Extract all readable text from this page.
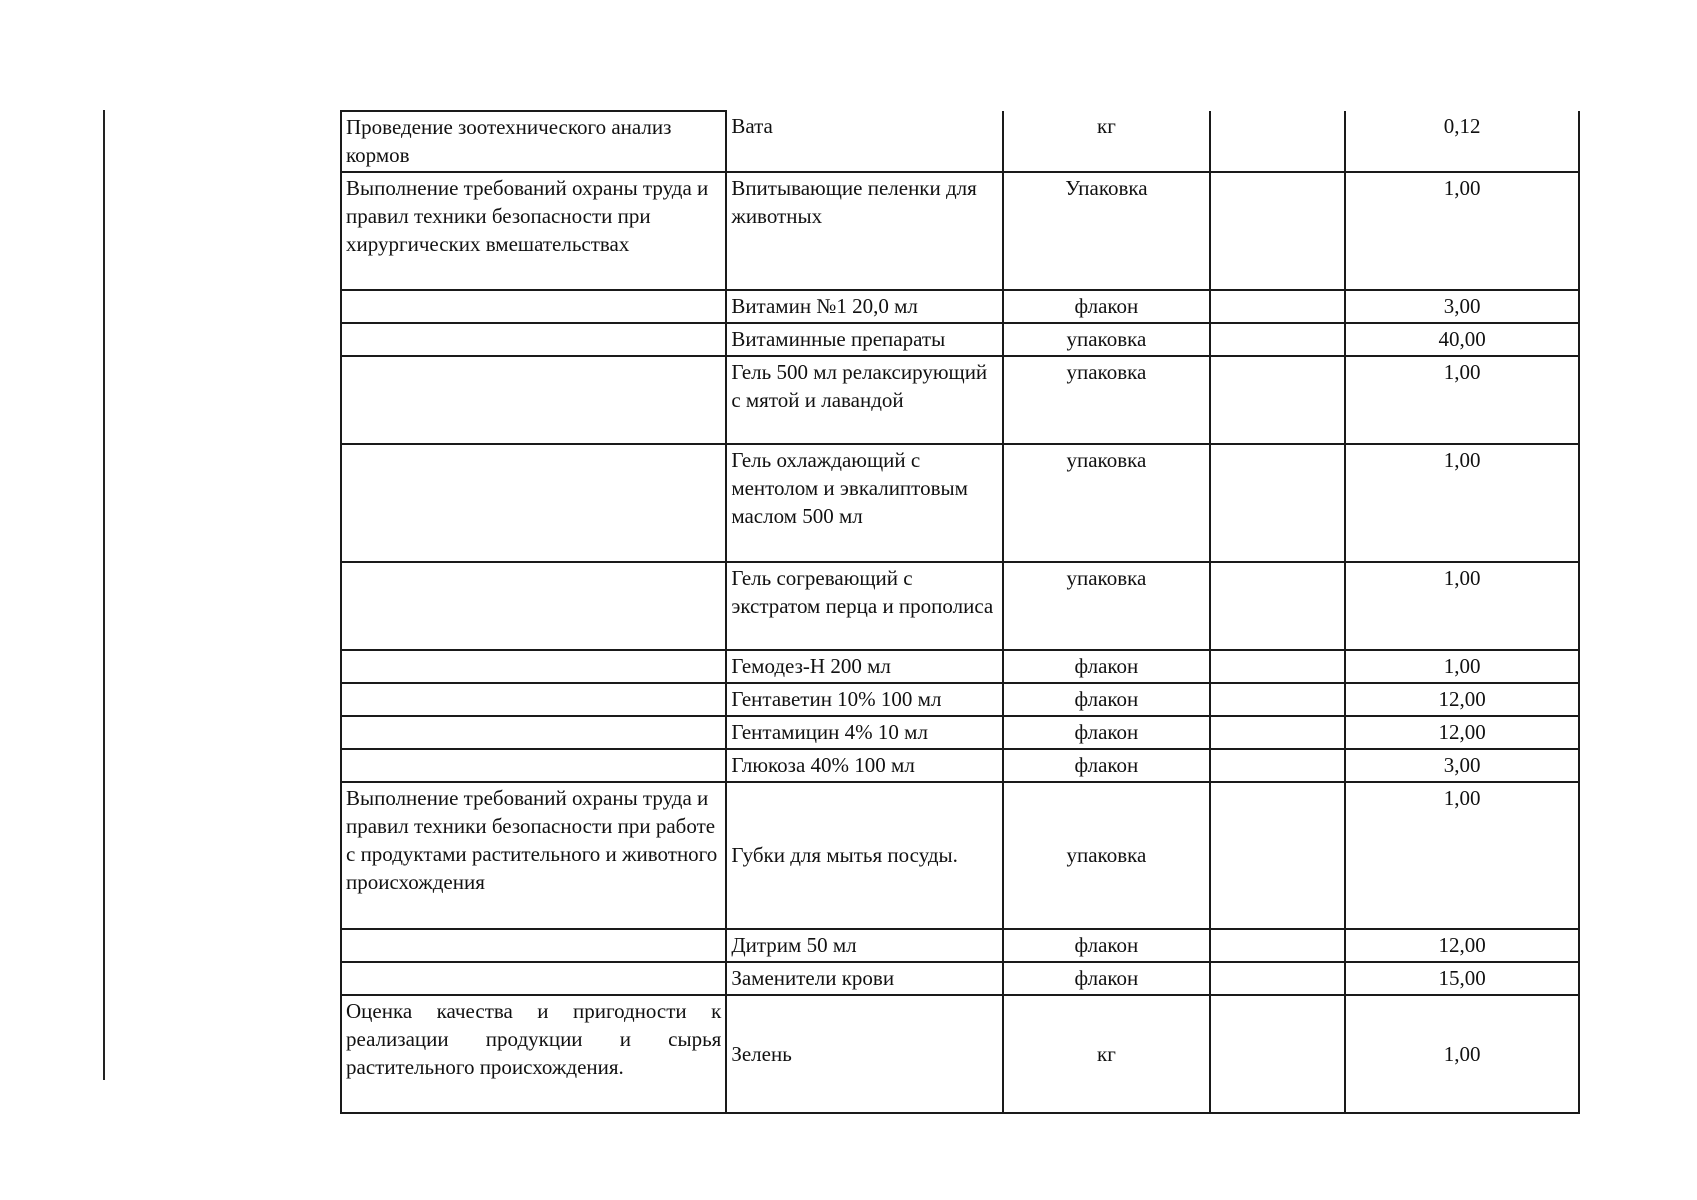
Проведение зоотехнического анализ кормов	Вата	кг		0,12
Выполнение требований охраны труда и правил техники безопасности при хирургических вмешательствах	Впитывающие пеленки для животных	Упаковка		1,00
	Витамин №1 20,0 мл	флакон		3,00
	Витаминные препараты	упаковка		40,00
	Гель 500 мл релаксирующий с мятой и лавандой	упаковка		1,00
	Гель охлаждающий с ментолом и эвкалиптовым маслом 500 мл	упаковка		1,00
	Гель согревающий с экстратом перца и прополиса	упаковка		1,00
	Гемодез-Н 200 мл	флакон		1,00
	Гентаветин 10% 100 мл	флакон		12,00
	Гентамицин 4% 10 мл	флакон		12,00
	Глюкоза 40% 100 мл	флакон		3,00
Выполнение требований охраны труда и правил техники безопасности при работе с продуктами растительного и животного происхождения	Губки для мытья посуды.	упаковка		1,00
	Дитрим 50 мл	флакон		12,00
	Заменители крови	флакон		15,00
Оценка качества и пригодности к реализации продукции и сырья растительного происхождения.	Зелень	кг		1,00
